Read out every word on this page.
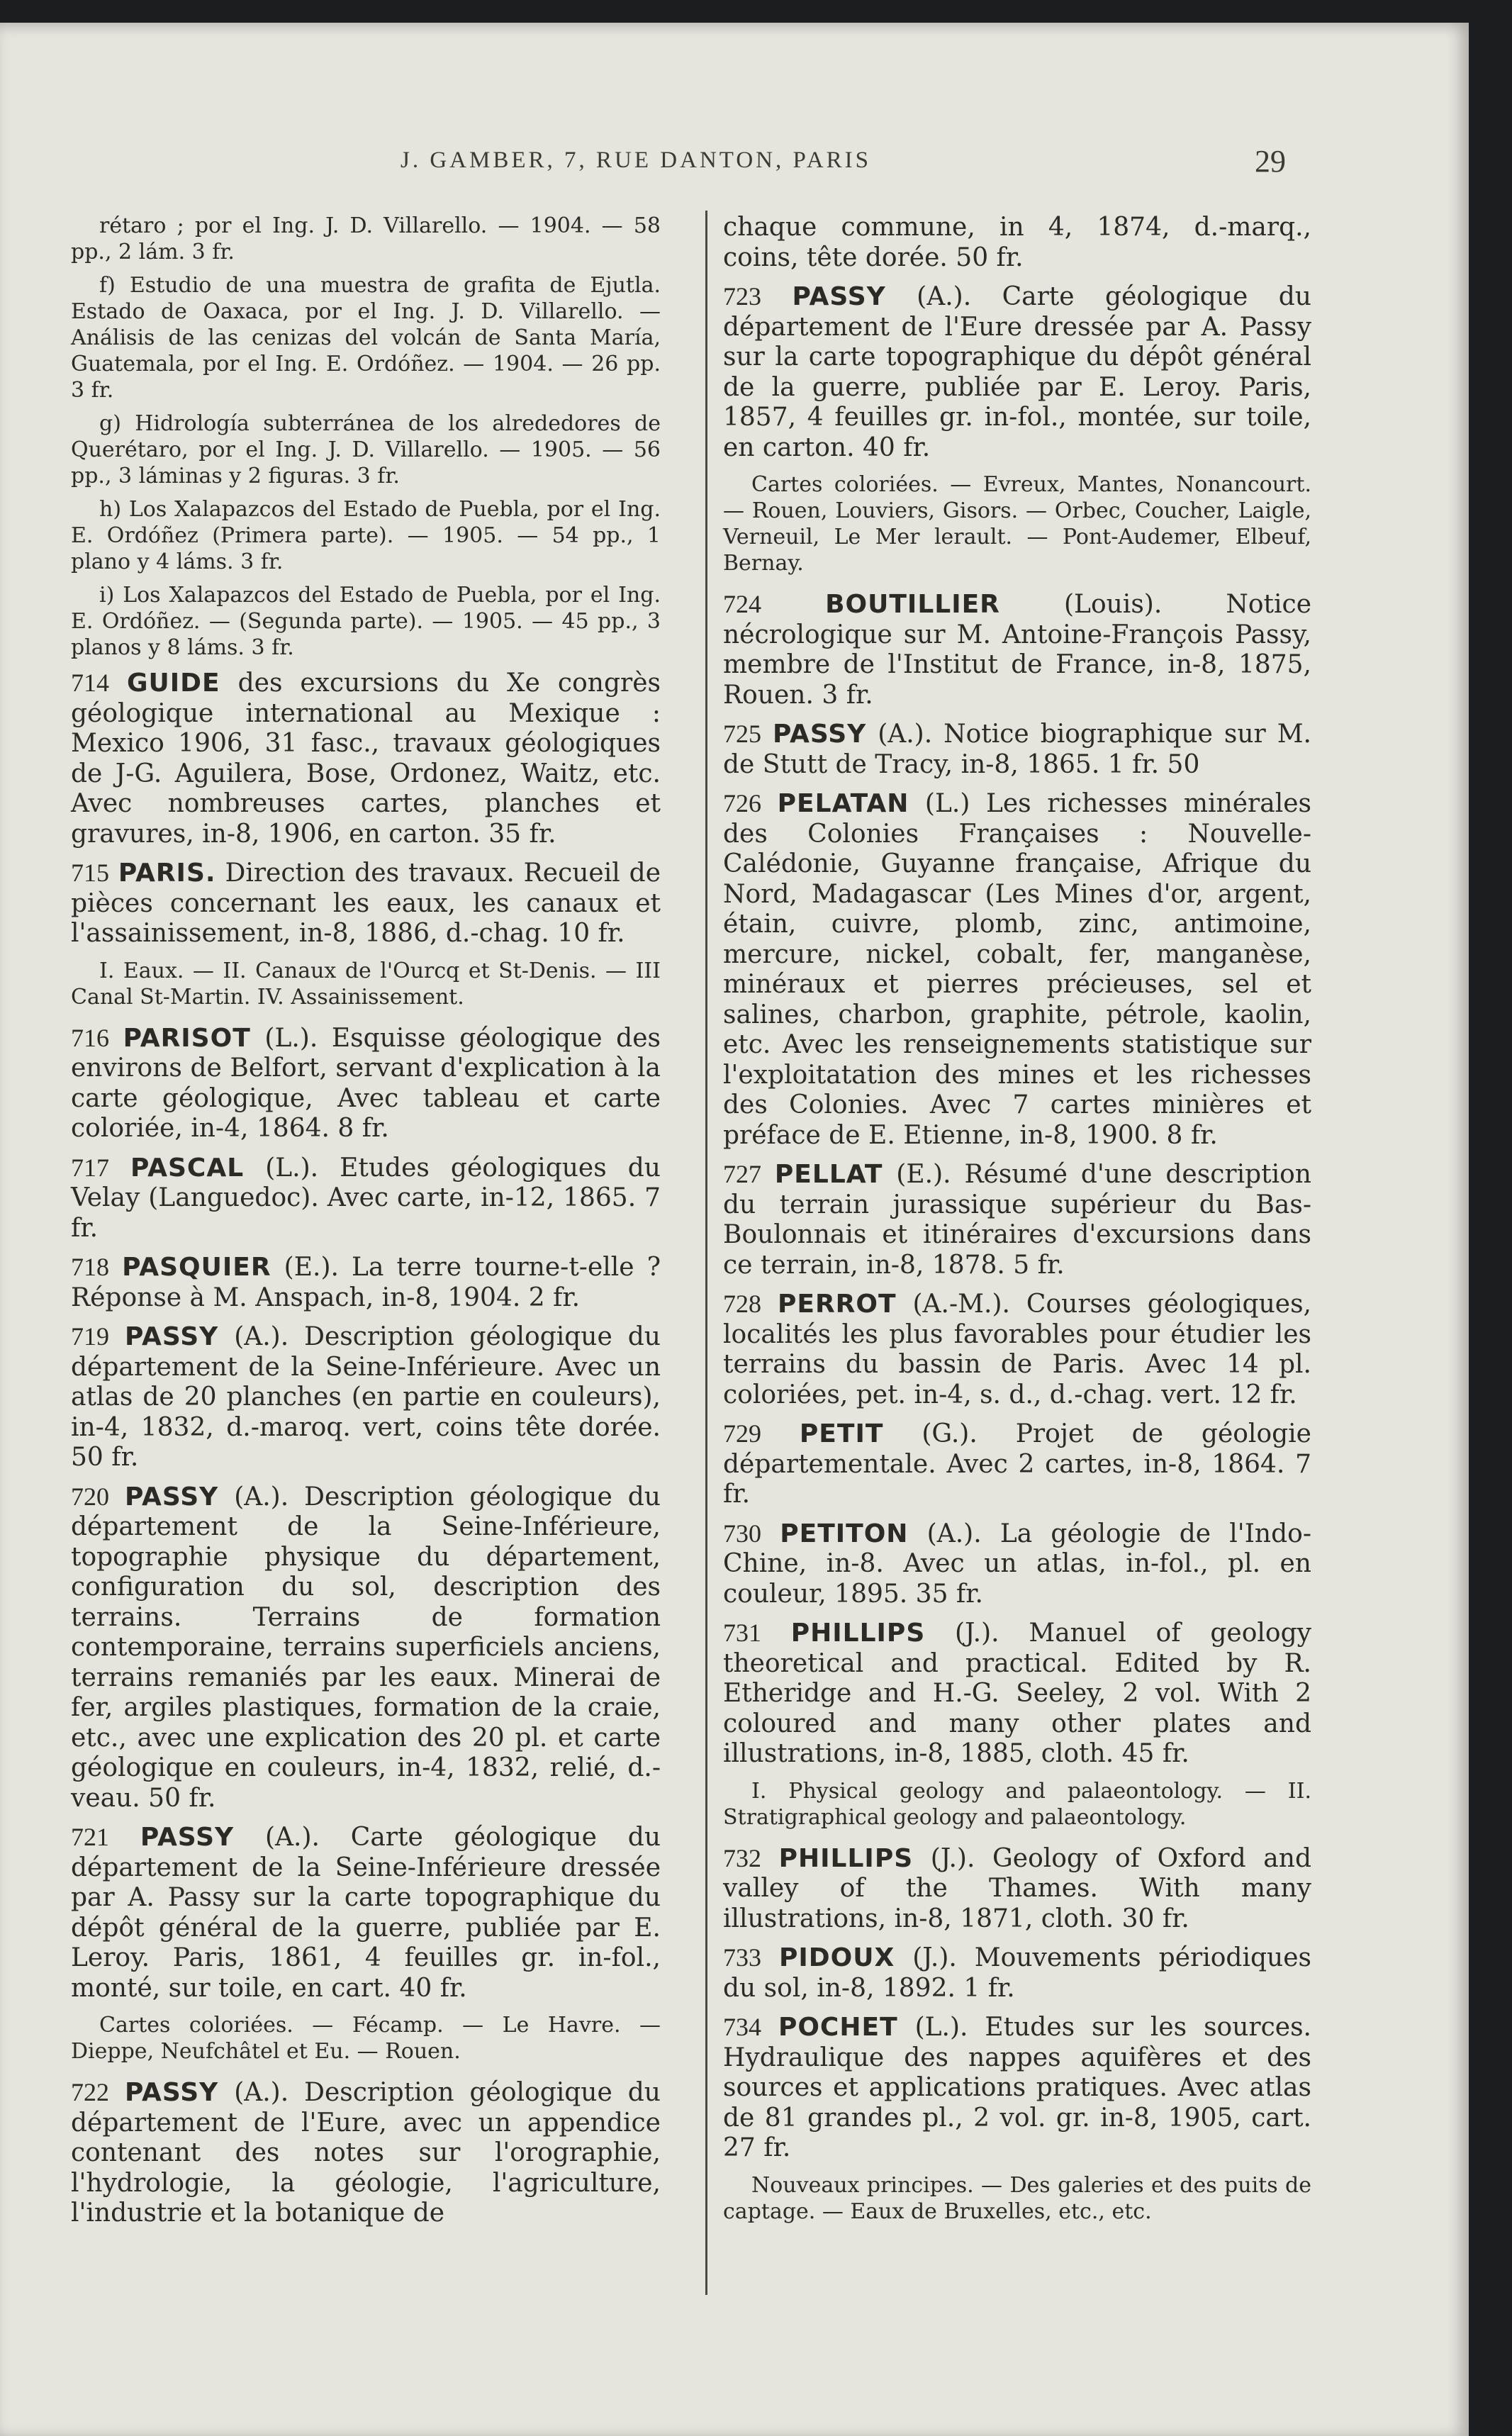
J. GAMBER, 7, RUE DANTON, PARIS	29

rétaro ; por el Ing. J. D. Villarello. — 1904. — 58 pp., 2 lám. 3 fr.

f) Estudio de una muestra de grafita de Ejutla. Estado de Oaxaca, por el Ing. J. D. Villarello. — Análisis de las cenizas del volcán de Santa María, Guatemala, por el Ing. E. Ordóñez. — 1904. — 26 pp. 3 fr.

g) Hidrología subterránea de los alrededores de Querétaro, por el Ing. J. D. Villarello. — 1905. — 56 pp., 3 láminas y 2 figuras. 3 fr.

h) Los Xalapazcos del Estado de Puebla, por el Ing. E. Ordóñez (Primera parte). — 1905. — 54 pp., 1 plano y 4 láms. 3 fr.

i) Los Xalapazcos del Estado de Puebla, por el Ing. E. Ordóñez. — (Segunda parte). — 1905. — 45 pp., 3 planos y 8 láms. 3 fr.

714 GUIDE des excursions du Xe congrès géologique international au Mexique : Mexico 1906, 31 fasc., travaux géologiques de J-G. Aguilera, Bose, Ordonez, Waitz, etc. Avec nombreuses cartes, planches et gravures, in-8, 1906, en carton. 35 fr.

715 PARIS. Direction des travaux. Recueil de pièces concernant les eaux, les canaux et l'assainissement, in-8, 1886, d.-chag. 10 fr.

I. Eaux. — II. Canaux de l'Ourcq et St-Denis. — III Canal St-Martin. IV. Assainissement.

716 PARISOT (L.). Esquisse géologique des environs de Belfort, servant d'explication à la carte géologique, Avec tableau et carte coloriée, in-4, 1864. 8 fr.

717 PASCAL (L.). Etudes géologiques du Velay (Languedoc). Avec carte, in-12, 1865. 7 fr.

718 PASQUIER (E.). La terre tourne-t-elle ? Réponse à M. Anspach, in-8, 1904. 2 fr.

719 PASSY (A.). Description géologique du département de la Seine-Inférieure. Avec un atlas de 20 planches (en partie en couleurs), in-4, 1832, d.-maroq. vert, coins tête dorée. 50 fr.

720 PASSY (A.). Description géologique du département de la Seine-Inférieure, topographie physique du département, configuration du sol, description des terrains. Terrains de formation contemporaine, terrains superficiels anciens, terrains remaniés par les eaux. Minerai de fer, argiles plastiques, formation de la craie, etc., avec une explication des 20 pl. et carte géologique en couleurs, in-4, 1832, relié, d.-veau. 50 fr.

721 PASSY (A.). Carte géologique du département de la Seine-Inférieure dressée par A. Passy sur la carte topographique du dépôt général de la guerre, publiée par E. Leroy. Paris, 1861, 4 feuilles gr. in-fol., monté, sur toile, en cart. 40 fr.

Cartes coloriées. — Fécamp. — Le Havre. — Dieppe, Neufchâtel et Eu. — Rouen.

722 PASSY (A.). Description géologique du département de l'Eure, avec un appendice contenant des notes sur l'orographie, l'hydrologie, la géologie, l'agriculture, l'industrie et la botanique de

chaque commune, in 4, 1874, d.-marq., coins, tête dorée. 50 fr.

723 PASSY (A.). Carte géologique du département de l'Eure dressée par A. Passy sur la carte topographique du dépôt général de la guerre, publiée par E. Leroy. Paris, 1857, 4 feuilles gr. in-fol., montée, sur toile, en carton. 40 fr.

Cartes coloriées. — Evreux, Mantes, Nonancourt. — Rouen, Louviers, Gisors. — Orbec, Coucher, Laigle, Verneuil, Le Mer lerault. — Pont-Audemer, Elbeuf, Bernay.

724	BOUTILLIER	(Louis). Notice nécrologique sur M. Antoine-François Passy, membre de l'Institut de France, in-8, 1875, Rouen. 3 fr.

725 PASSY (A.). Notice biographique sur M. de Stutt de Tracy, in-8, 1865. 1 fr. 50

726 PELATAN (L.) Les richesses minérales des Colonies Françaises : Nouvelle-Calédonie, Guyanne française, Afrique du Nord, Madagascar (Les Mines d'or, argent, étain, cuivre, plomb, zinc, antimoine, mercure, nickel, cobalt, fer, manganèse, minéraux et pierres précieuses, sel et salines, charbon, graphite, pétrole, kaolin, etc. Avec les renseignements statistique sur l'exploitatation des mines et les richesses des Colonies. Avec 7 cartes minières et préface de E. Etienne, in-8, 1900. 8 fr.

727 PELLAT (E.). Résumé d'une description du terrain jurassique supérieur du Bas-Boulonnais et itinéraires d'excursions dans ce terrain, in-8, 1878. 5 fr.

728 PERROT (A.-M.). Courses géologiques, localités les plus favorables pour étudier les terrains du bassin de Paris. Avec 14 pl. coloriées, pet. in-4, s. d., d.-chag. vert. 12 fr.

729 PETIT (G.). Projet de géologie départementale. Avec 2 cartes, in-8, 1864. 7 fr.

730 PETITON (A.). La géologie de l'Indo-Chine, in-8. Avec un atlas, in-fol., pl. en couleur, 1895. 35 fr.

731 PHILLIPS (J.). Manuel of geology theoretical and practical. Edited by R. Etheridge and H.-G. Seeley, 2 vol. With 2 coloured and many other plates and illustrations, in-8, 1885, cloth. 45 fr.

I. Physical geology and palaeontology. — II. Stratigraphical geology and palaeontology.

732 PHILLIPS (J.). Geology of Oxford and valley of the Thames. With many illustrations, in-8, 1871, cloth. 30 fr.

733 PIDOUX (J.). Mouvements périodiques du sol, in-8, 1892. 1 fr.

734 POCHET (L.). Etudes sur les sources. Hydraulique des nappes aquifères et des sources et applications pratiques. Avec atlas de 81 grandes pl., 2 vol. gr. in-8, 1905, cart. 27 fr.

Nouveaux principes. — Des galeries et des puits de captage. — Eaux de Bruxelles, etc., etc.
